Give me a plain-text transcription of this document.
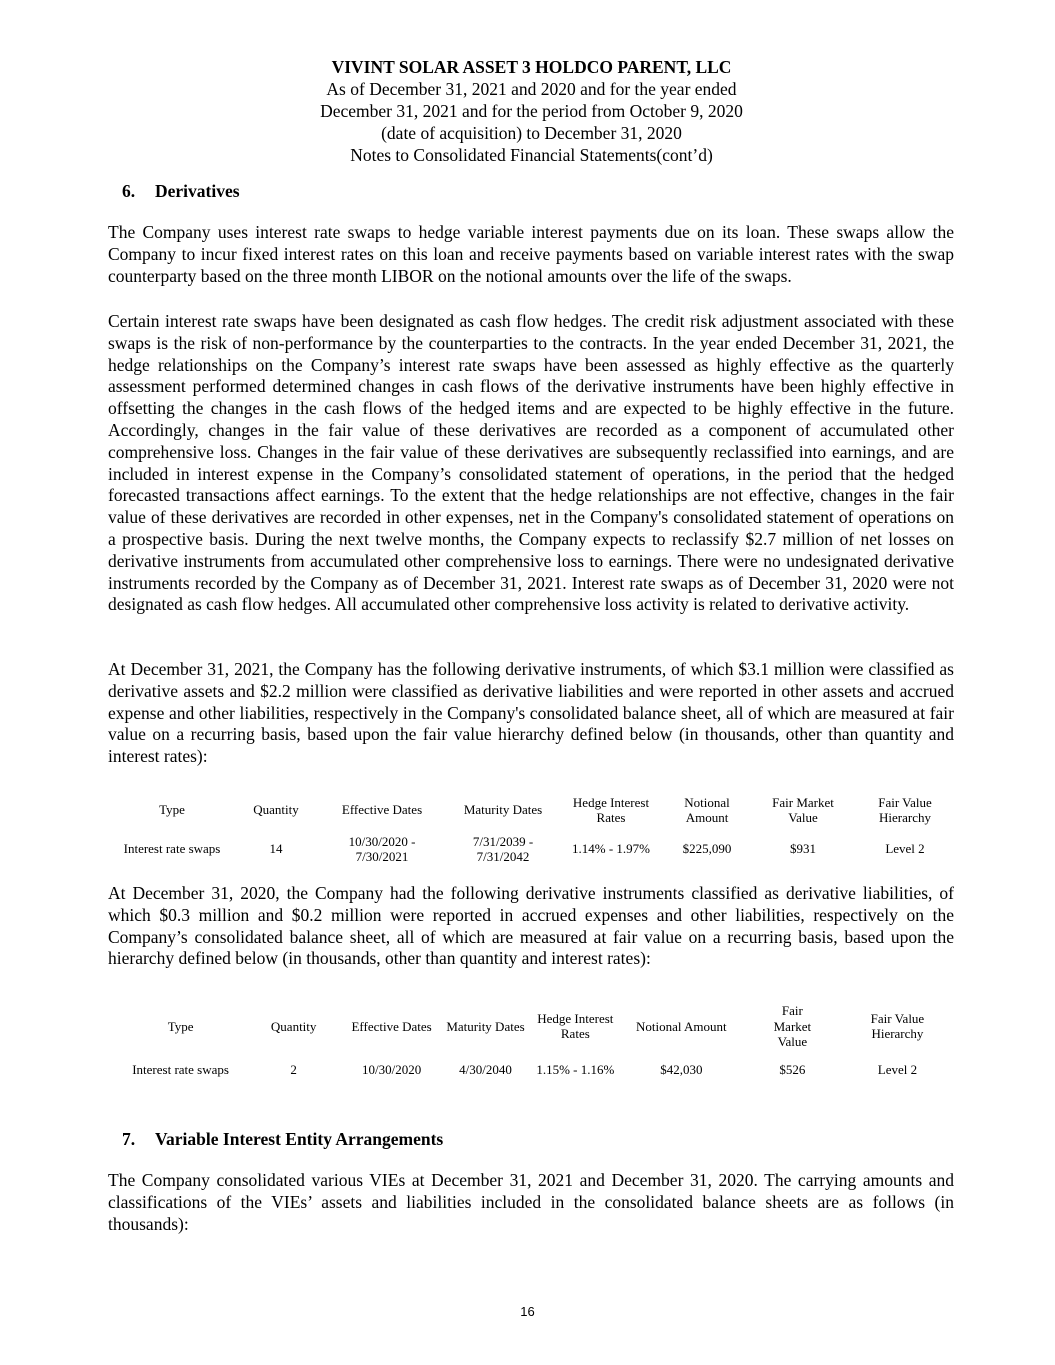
VIVINT SOLAR ASSET 3 HOLDCO PARENT, LLC
As of December 31, 2021 and 2020 and for the year ended
December 31, 2021 and for the period from October 9, 2020
(date of acquisition) to December 31, 2020
Notes to Consolidated Financial Statements(cont’d)
6. Derivatives

The Company uses interest rate swaps to hedge variable interest payments due on its loan. These swaps allow the Company to incur fixed interest rates on this loan and receive payments based on variable interest rates with the swap counterparty based on the three month LIBOR on the notional amounts over the life of the swaps.

Certain interest rate swaps have been designated as cash flow hedges. The credit risk adjustment associated with these swaps is the risk of non-performance by the counterparties to the contracts. In the year ended December 31, 2021, the hedge relationships on the Company’s interest rate swaps have been assessed as highly effective as the quarterly assessment performed determined changes in cash flows of the derivative instruments have been highly effective in offsetting the changes in the cash flows of the hedged items and are expected to be highly effective in the future. Accordingly, changes in the fair value of these derivatives are recorded as a component of accumulated other comprehensive loss. Changes in the fair value of these derivatives are subsequently reclassified into earnings, and are included in interest expense in the Company’s consolidated statement of operations, in the period that the hedged forecasted transactions affect earnings. To the extent that the hedge relationships are not effective, changes in the fair value of these derivatives are recorded in other expenses, net in the Company's consolidated statement of operations on a prospective basis. During the next twelve months, the Company expects to reclassify $2.7 million of net losses on derivative instruments from accumulated other comprehensive loss to earnings. There were no undesignated derivative instruments recorded by the Company as of December 31, 2021. Interest rate swaps as of December 31, 2020 were not designated as cash flow hedges. All accumulated other comprehensive loss activity is related to derivative activity.

At December 31, 2021, the Company has the following derivative instruments, of which $3.1 million were classified as derivative assets and $2.2 million were classified as derivative liabilities and were reported in other assets and accrued expense and other liabilities, respectively in the Company's consolidated balance sheet, all of which are measured at fair value on a recurring basis, based upon the fair value hierarchy defined below (in thousands, other than quantity and interest rates):

Type	Quantity	Effective Dates	Maturity Dates	Hedge Interest Rates	Notional Amount	Fair Market Value	Fair Value Hierarchy
Interest rate swaps	14	10/30/2020 - 7/30/2021	7/31/2039 - 7/31/2042	1.14% - 1.97%	$225,090	$931	Level 2

At December 31, 2020, the Company had the following derivative instruments classified as derivative liabilities, of which $0.3 million and $0.2 million were reported in accrued expenses and other liabilities, respectively on the Company’s consolidated balance sheet, all of which are measured at fair value on a recurring basis, based upon the hierarchy defined below (in thousands, other than quantity and interest rates):

Type	Quantity	Effective Dates	Maturity Dates	Hedge Interest Rates	Notional Amount	Fair Market Value	Fair Value Hierarchy
Interest rate swaps	2	10/30/2020	4/30/2040	1.15% - 1.16%	$42,030	$526	Level 2
7. Variable Interest Entity Arrangements

The Company consolidated various VIEs at December 31, 2021 and December 31, 2020. The carrying amounts and classifications of the VIEs’ assets and liabilities included in the consolidated balance sheets are as follows (in thousands):

16
